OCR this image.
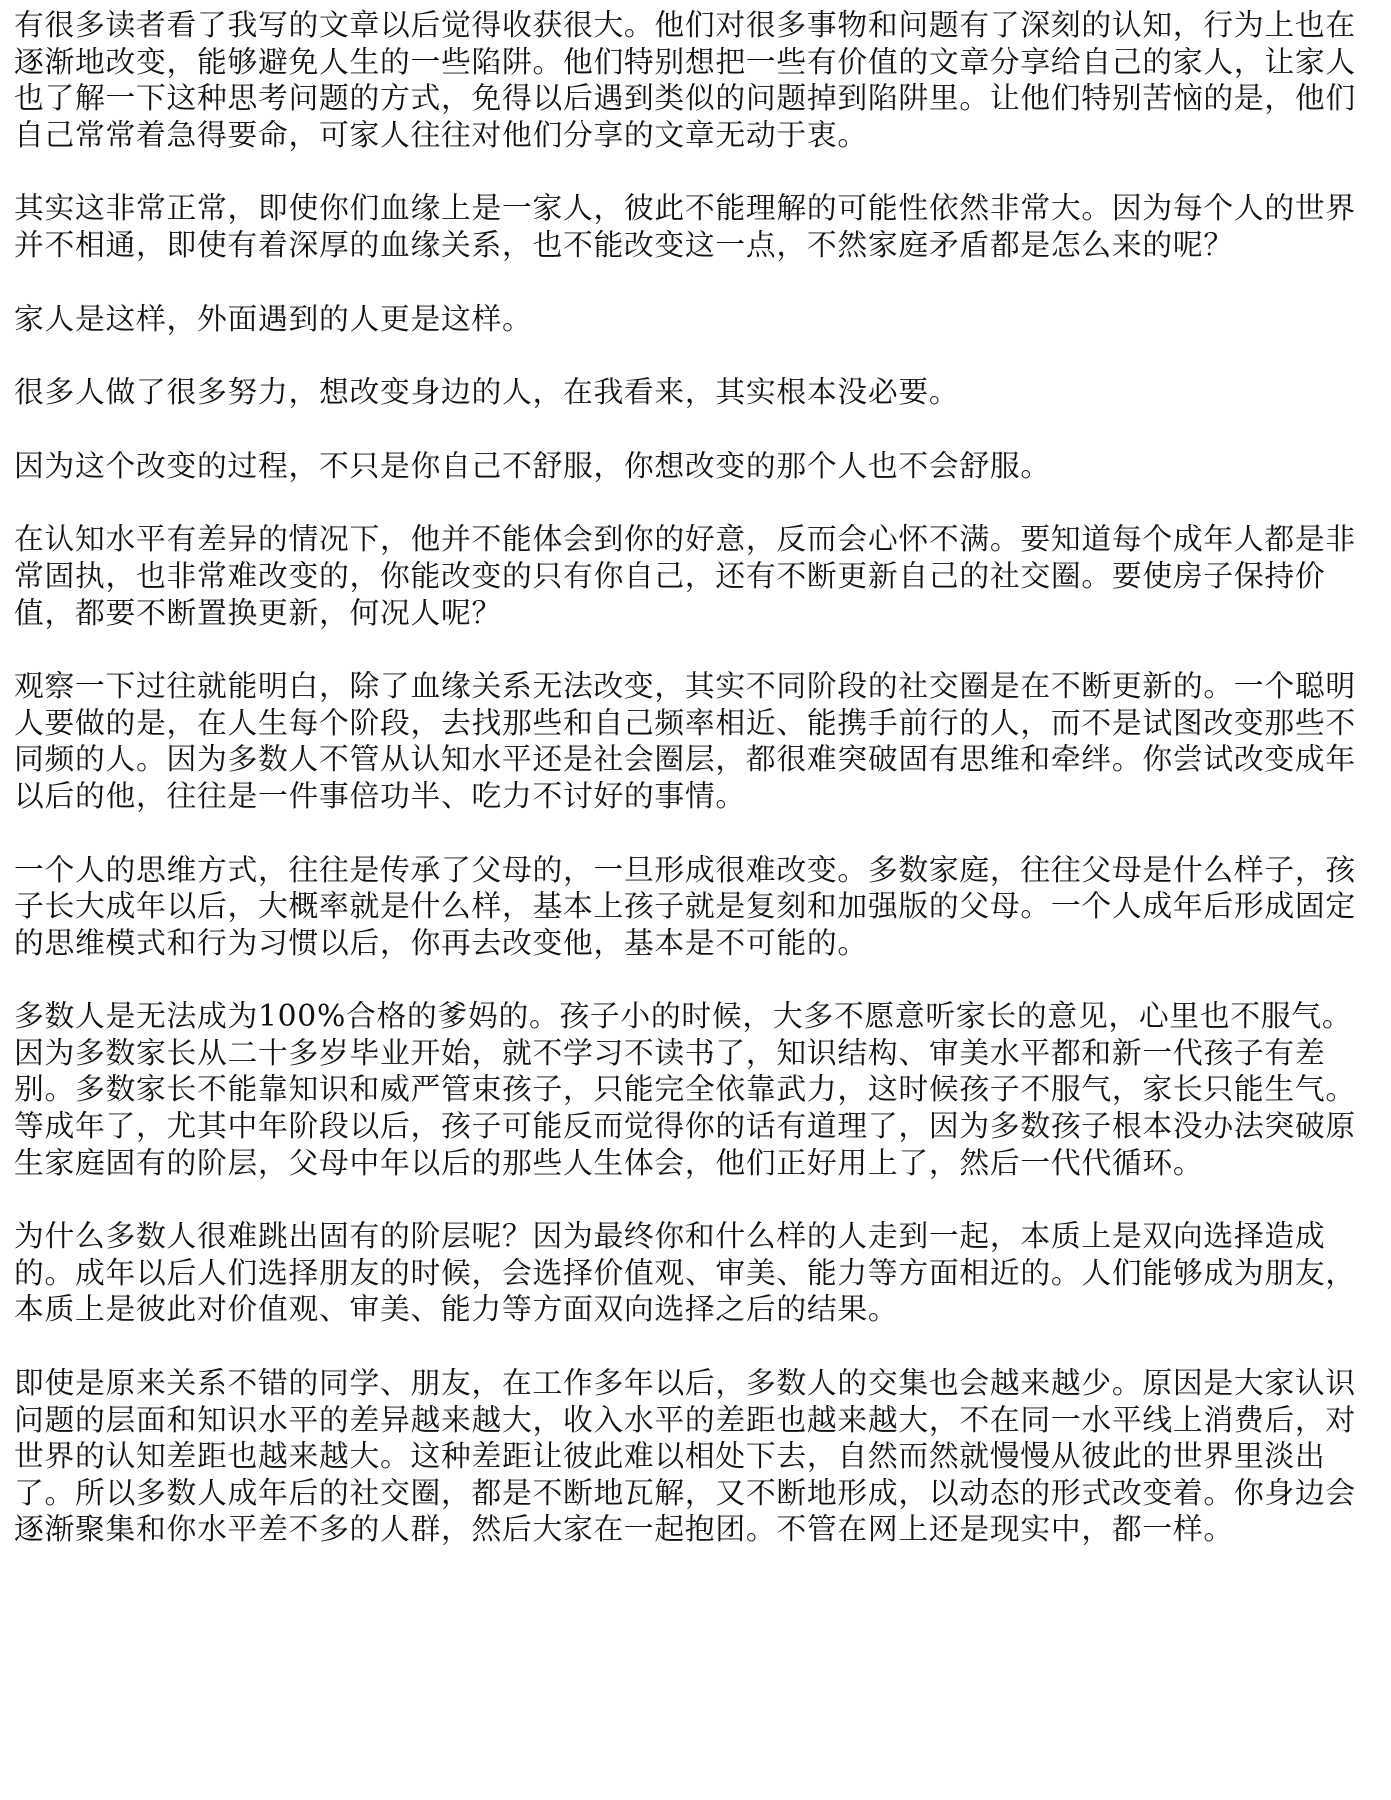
有很多读者看了我写的文章以后觉得收获很大。他们对很多事物和问题有了深刻的认知，行为上也在逐渐地改变，能够避免人生的一些陷阱。他们特别想把一些有价值的文章分享给自己的家人，让家人也了解一下这种思考问题的方式，免得以后遇到类似的问题掉到陷阱里。让他们特别苦恼的是，他们自己常常着急得要命，可家人往往对他们分享的文章无动于衷。

其实这非常正常，即使你们血缘上是一家人，彼此不能理解的可能性依然非常大。因为每个人的世界并不相通，即使有着深厚的血缘关系，也不能改变这一点，不然家庭矛盾都是怎么来的呢？

家人是这样，外面遇到的人更是这样。

很多人做了很多努力，想改变身边的人，在我看来，其实根本没必要。

因为这个改变的过程，不只是你自己不舒服，你想改变的那个人也不会舒服。

在认知水平有差异的情况下，他并不能体会到你的好意，反而会心怀不满。要知道每个成年人都是非常固执，也非常难改变的，你能改变的只有你自己，还有不断更新自己的社交圈。要使房子保持价值，都要不断置换更新，何况人呢？

观察一下过往就能明白，除了血缘关系无法改变，其实不同阶段的社交圈是在不断更新的。一个聪明人要做的是，在人生每个阶段，去找那些和自己频率相近、能携手前行的人，而不是试图改变那些不同频的人。因为多数人不管从认知水平还是社会圈层，都很难突破固有思维和牵绊。你尝试改变成年以后的他，往往是一件事倍功半、吃力不讨好的事情。

一个人的思维方式，往往是传承了父母的，一旦形成很难改变。多数家庭，往往父母是什么样子，孩子长大成年以后，大概率就是什么样，基本上孩子就是复刻和加强版的父母。一个人成年后形成固定的思维模式和行为习惯以后，你再去改变他，基本是不可能的。

多数人是无法成为100%合格的爹妈的。孩子小的时候，大多不愿意听家长的意见，心里也不服气。因为多数家长从二十多岁毕业开始，就不学习不读书了，知识结构、审美水平都和新一代孩子有差别。多数家长不能靠知识和威严管束孩子，只能完全依靠武力，这时候孩子不服气，家长只能生气。等成年了，尤其中年阶段以后，孩子可能反而觉得你的话有道理了，因为多数孩子根本没办法突破原生家庭固有的阶层，父母中年以后的那些人生体会，他们正好用上了，然后一代代循环。

为什么多数人很难跳出固有的阶层呢？因为最终你和什么样的人走到一起，本质上是双向选择造成的。成年以后人们选择朋友的时候，会选择价值观、审美、能力等方面相近的。人们能够成为朋友，本质上是彼此对价值观、审美、能力等方面双向选择之后的结果。

即使是原来关系不错的同学、朋友，在工作多年以后，多数人的交集也会越来越少。原因是大家认识问题的层面和知识水平的差异越来越大，收入水平的差距也越来越大，不在同一水平线上消费后，对世界的认知差距也越来越大。这种差距让彼此难以相处下去，自然而然就慢慢从彼此的世界里淡出了。所以多数人成年后的社交圈，都是不断地瓦解，又不断地形成，以动态的形式改变着。你身边会逐渐聚集和你水平差不多的人群，然后大家在一起抱团。不管在网上还是现实中，都一样。
